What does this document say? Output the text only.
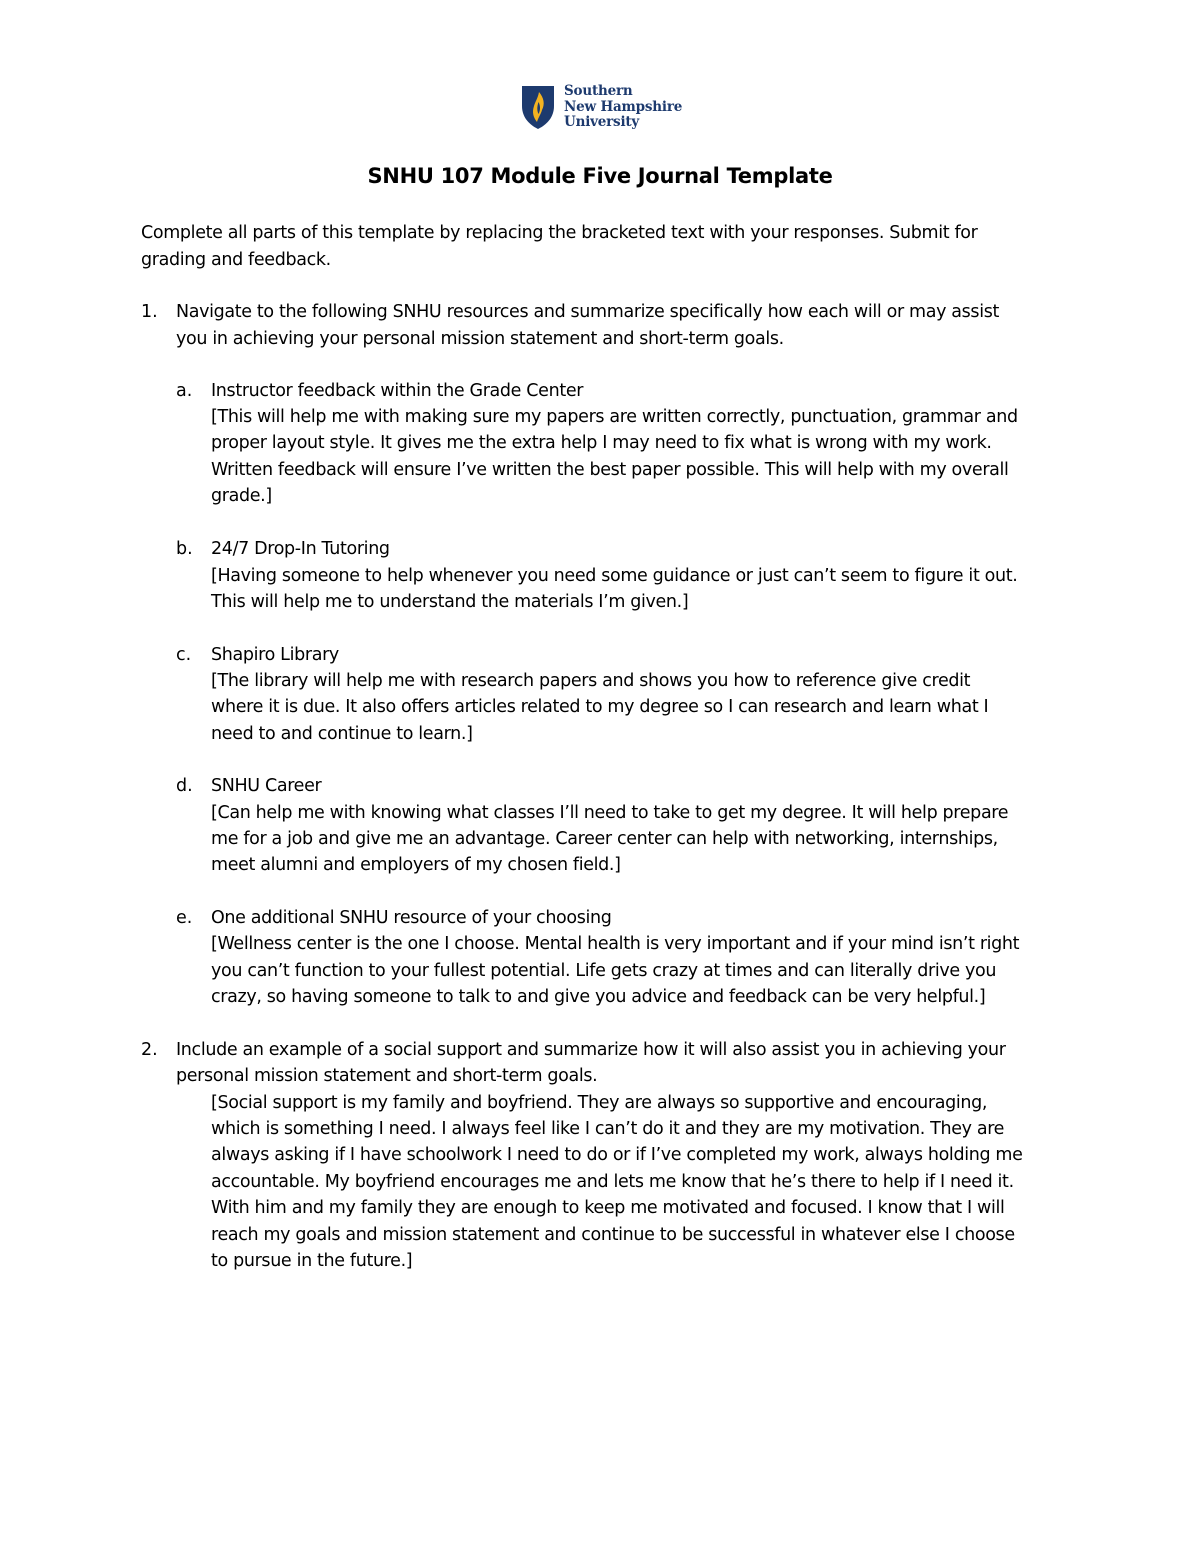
Southern
New Hampshire
University
SNHU 107 Module Five Journal Template
Complete all parts of this template by replacing the bracketed text with your responses. Submit for
grading and feedback.
1. Navigate to the following SNHU resources and summarize specifically how each will or may assist
you in achieving your personal mission statement and short-term goals.
a. Instructor feedback within the Grade Center
[This will help me with making sure my papers are written correctly, punctuation, grammar and
proper layout style. It gives me the extra help I may need to fix what is wrong with my work.
Written feedback will ensure I’ve written the best paper possible. This will help with my overall
grade.]
b. 24/7 Drop-In Tutoring
[Having someone to help whenever you need some guidance or just can’t seem to figure it out.
This will help me to understand the materials I’m given.]
c. Shapiro Library
[The library will help me with research papers and shows you how to reference give credit
where it is due. It also offers articles related to my degree so I can research and learn what I
need to and continue to learn.]
d. SNHU Career
[Can help me with knowing what classes I’ll need to take to get my degree. It will help prepare
me for a job and give me an advantage. Career center can help with networking, internships,
meet alumni and employers of my chosen field.]
e. One additional SNHU resource of your choosing
[Wellness center is the one I choose. Mental health is very important and if your mind isn’t right
you can’t function to your fullest potential. Life gets crazy at times and can literally drive you
crazy, so having someone to talk to and give you advice and feedback can be very helpful.]
2. Include an example of a social support and summarize how it will also assist you in achieving your
personal mission statement and short-term goals.
[Social support is my family and boyfriend. They are always so supportive and encouraging,
which is something I need. I always feel like I can’t do it and they are my motivation. They are
always asking if I have schoolwork I need to do or if I’ve completed my work, always holding me
accountable. My boyfriend encourages me and lets me know that he’s there to help if I need it.
With him and my family they are enough to keep me motivated and focused. I know that I will
reach my goals and mission statement and continue to be successful in whatever else I choose
to pursue in the future.]
